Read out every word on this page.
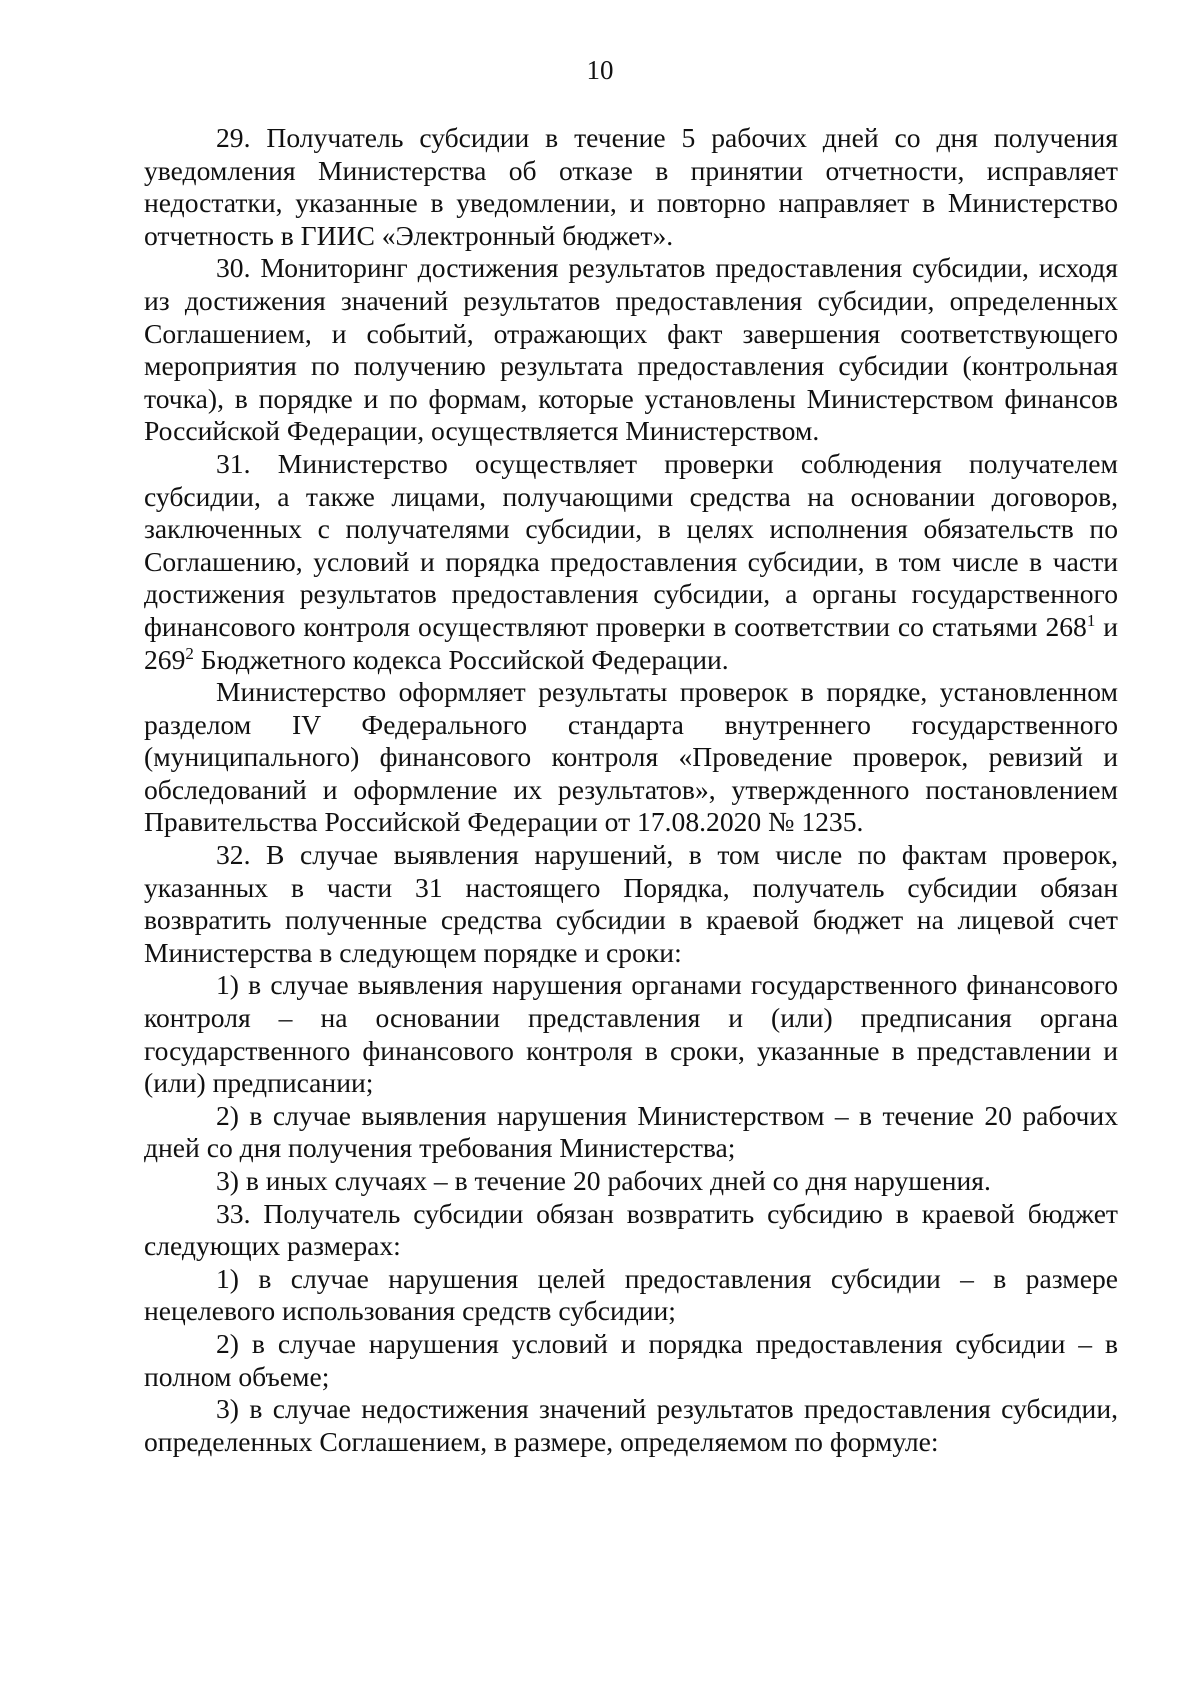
10

29. Получатель субсидии в течение 5 рабочих дней со дня получения уведомления Министерства об отказе в принятии отчетности, исправляет недостатки, указанные в уведомлении, и повторно направляет в Министерство отчетность в ГИИС «Электронный бюджет».

30. Мониторинг достижения результатов предоставления субсидии, исходя из достижения значений результатов предоставления субсидии, определенных Соглашением, и событий, отражающих факт завершения соответствующего мероприятия по получению результата предоставления субсидии (контрольная точка), в порядке и по формам, которые установлены Министерством финансов Российской Федерации, осуществляется Министерством.

31. Министерство осуществляет проверки соблюдения получателем субсидии, а также лицами, получающими средства на основании договоров, заключенных с получателями субсидии, в целях исполнения обязательств по Соглашению, условий и порядка предоставления субсидии, в том числе в части достижения результатов предоставления субсидии, а органы государственного финансового контроля осуществляют проверки в соответствии со статьями $268^1$ и $269^2$ Бюджетного кодекса Российской Федерации.

Министерство оформляет результаты проверок в порядке, установленном разделом IV Федерального стандарта внутреннего государственного (муниципального) финансового контроля «Проведение проверок, ревизий и обследований и оформление их результатов», утвержденного постановлением Правительства Российской Федерации от 17.08.2020 № 1235.

32. В случае выявления нарушений, в том числе по фактам проверок, указанных в части 31 настоящего Порядка, получатель субсидии обязан возвратить полученные средства субсидии в краевой бюджет на лицевой счет Министерства в следующем порядке и сроки:

1) в случае выявления нарушения органами государственного финансового контроля – на основании представления и (или) предписания органа государственного финансового контроля в сроки, указанные в представлении и (или) предписании;

2) в случае выявления нарушения Министерством – в течение 20 рабочих дней со дня получения требования Министерства;

3) в иных случаях – в течение 20 рабочих дней со дня нарушения.

33. Получатель субсидии обязан возвратить субсидию в краевой бюджет следующих размерах:

1) в случае нарушения целей предоставления субсидии – в размере нецелевого использования средств субсидии;

2) в случае нарушения условий и порядка предоставления субсидии – в полном объеме;

3) в случае недостижения значений результатов предоставления субсидии, определенных Соглашением, в размере, определяемом по формуле:
